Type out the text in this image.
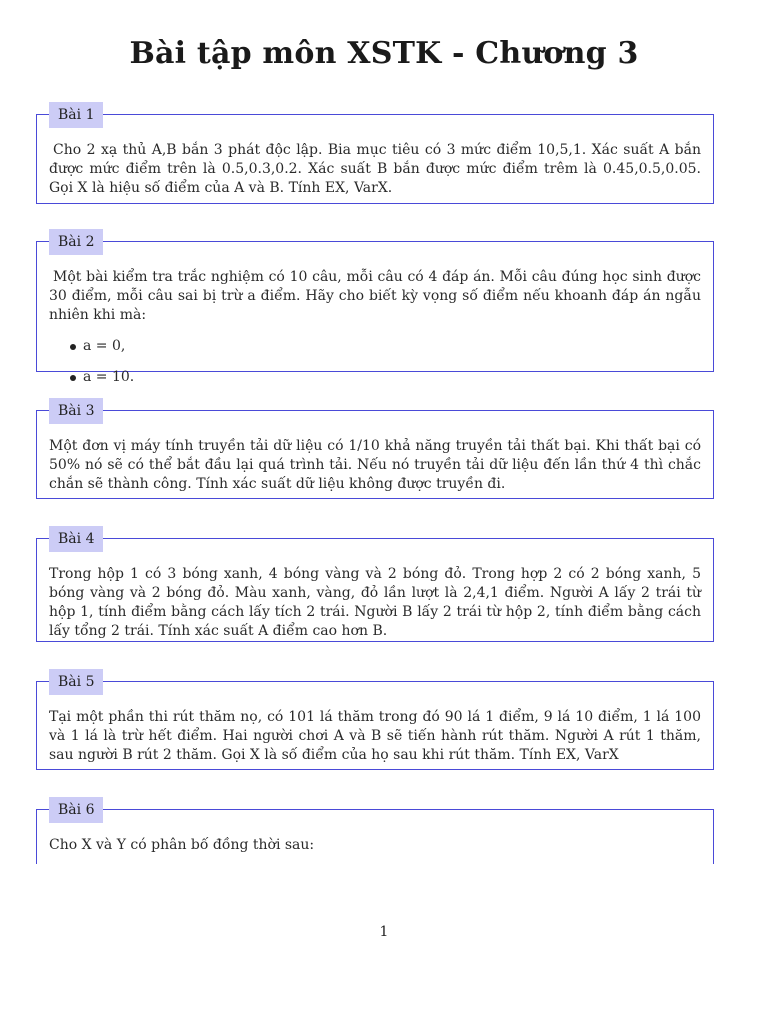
Bài tập môn XSTK - Chương 3
Bài 1

Cho 2 xạ thủ A,B bắn 3 phát độc lập. Bia mục tiêu có 3 mức điểm 10,5,1. Xác suất A bắn được mức điểm trên là 0.5,0.3,0.2. Xác suất B bắn được mức điểm trêm là 0.45,0.5,0.05. Gọi X là hiệu số điểm của A và B. Tính EX, VarX.

Bài 2

Một bài kiểm tra trắc nghiệm có 10 câu, mỗi câu có 4 đáp án. Mỗi câu đúng học sinh được 30 điểm, mỗi câu sai bị trừ a điểm. Hãy cho biết kỳ vọng số điểm nếu khoanh đáp án ngẫu nhiên khi mà:

a = 0,
a = 10.
Bài 3

Một đơn vị máy tính truyền tải dữ liệu có 1/10 khả năng truyền tải thất bại. Khi thất bại có 50% nó sẽ có thể bắt đầu lại quá trình tải. Nếu nó truyền tải dữ liệu đến lần thứ 4 thì chắc chắn sẽ thành công. Tính xác suất dữ liệu không được truyền đi.

Bài 4

Trong hộp 1 có 3 bóng xanh, 4 bóng vàng và 2 bóng đỏ. Trong hợp 2 có 2 bóng xanh, 5 bóng vàng và 2 bóng đỏ. Màu xanh, vàng, đỏ lần lượt là 2,4,1 điểm. Người A lấy 2 trái từ hộp 1, tính điểm bằng cách lấy tích 2 trái. Người B lấy 2 trái từ hộp 2, tính điểm bằng cách lấy tổng 2 trái. Tính xác suất A điểm cao hơn B.

Bài 5

Tại một phần thi rút thăm nọ, có 101 lá thăm trong đó 90 lá 1 điểm, 9 lá 10 điểm, 1 lá 100 và 1 lá là trừ hết điểm. Hai người chơi A và B sẽ tiến hành rút thăm. Người A rút 1 thăm, sau người B rút 2 thăm. Gọi X là số điểm của họ sau khi rút thăm. Tính EX, VarX

Bài 6

Cho X và Y có phân bố đồng thời sau:

1
